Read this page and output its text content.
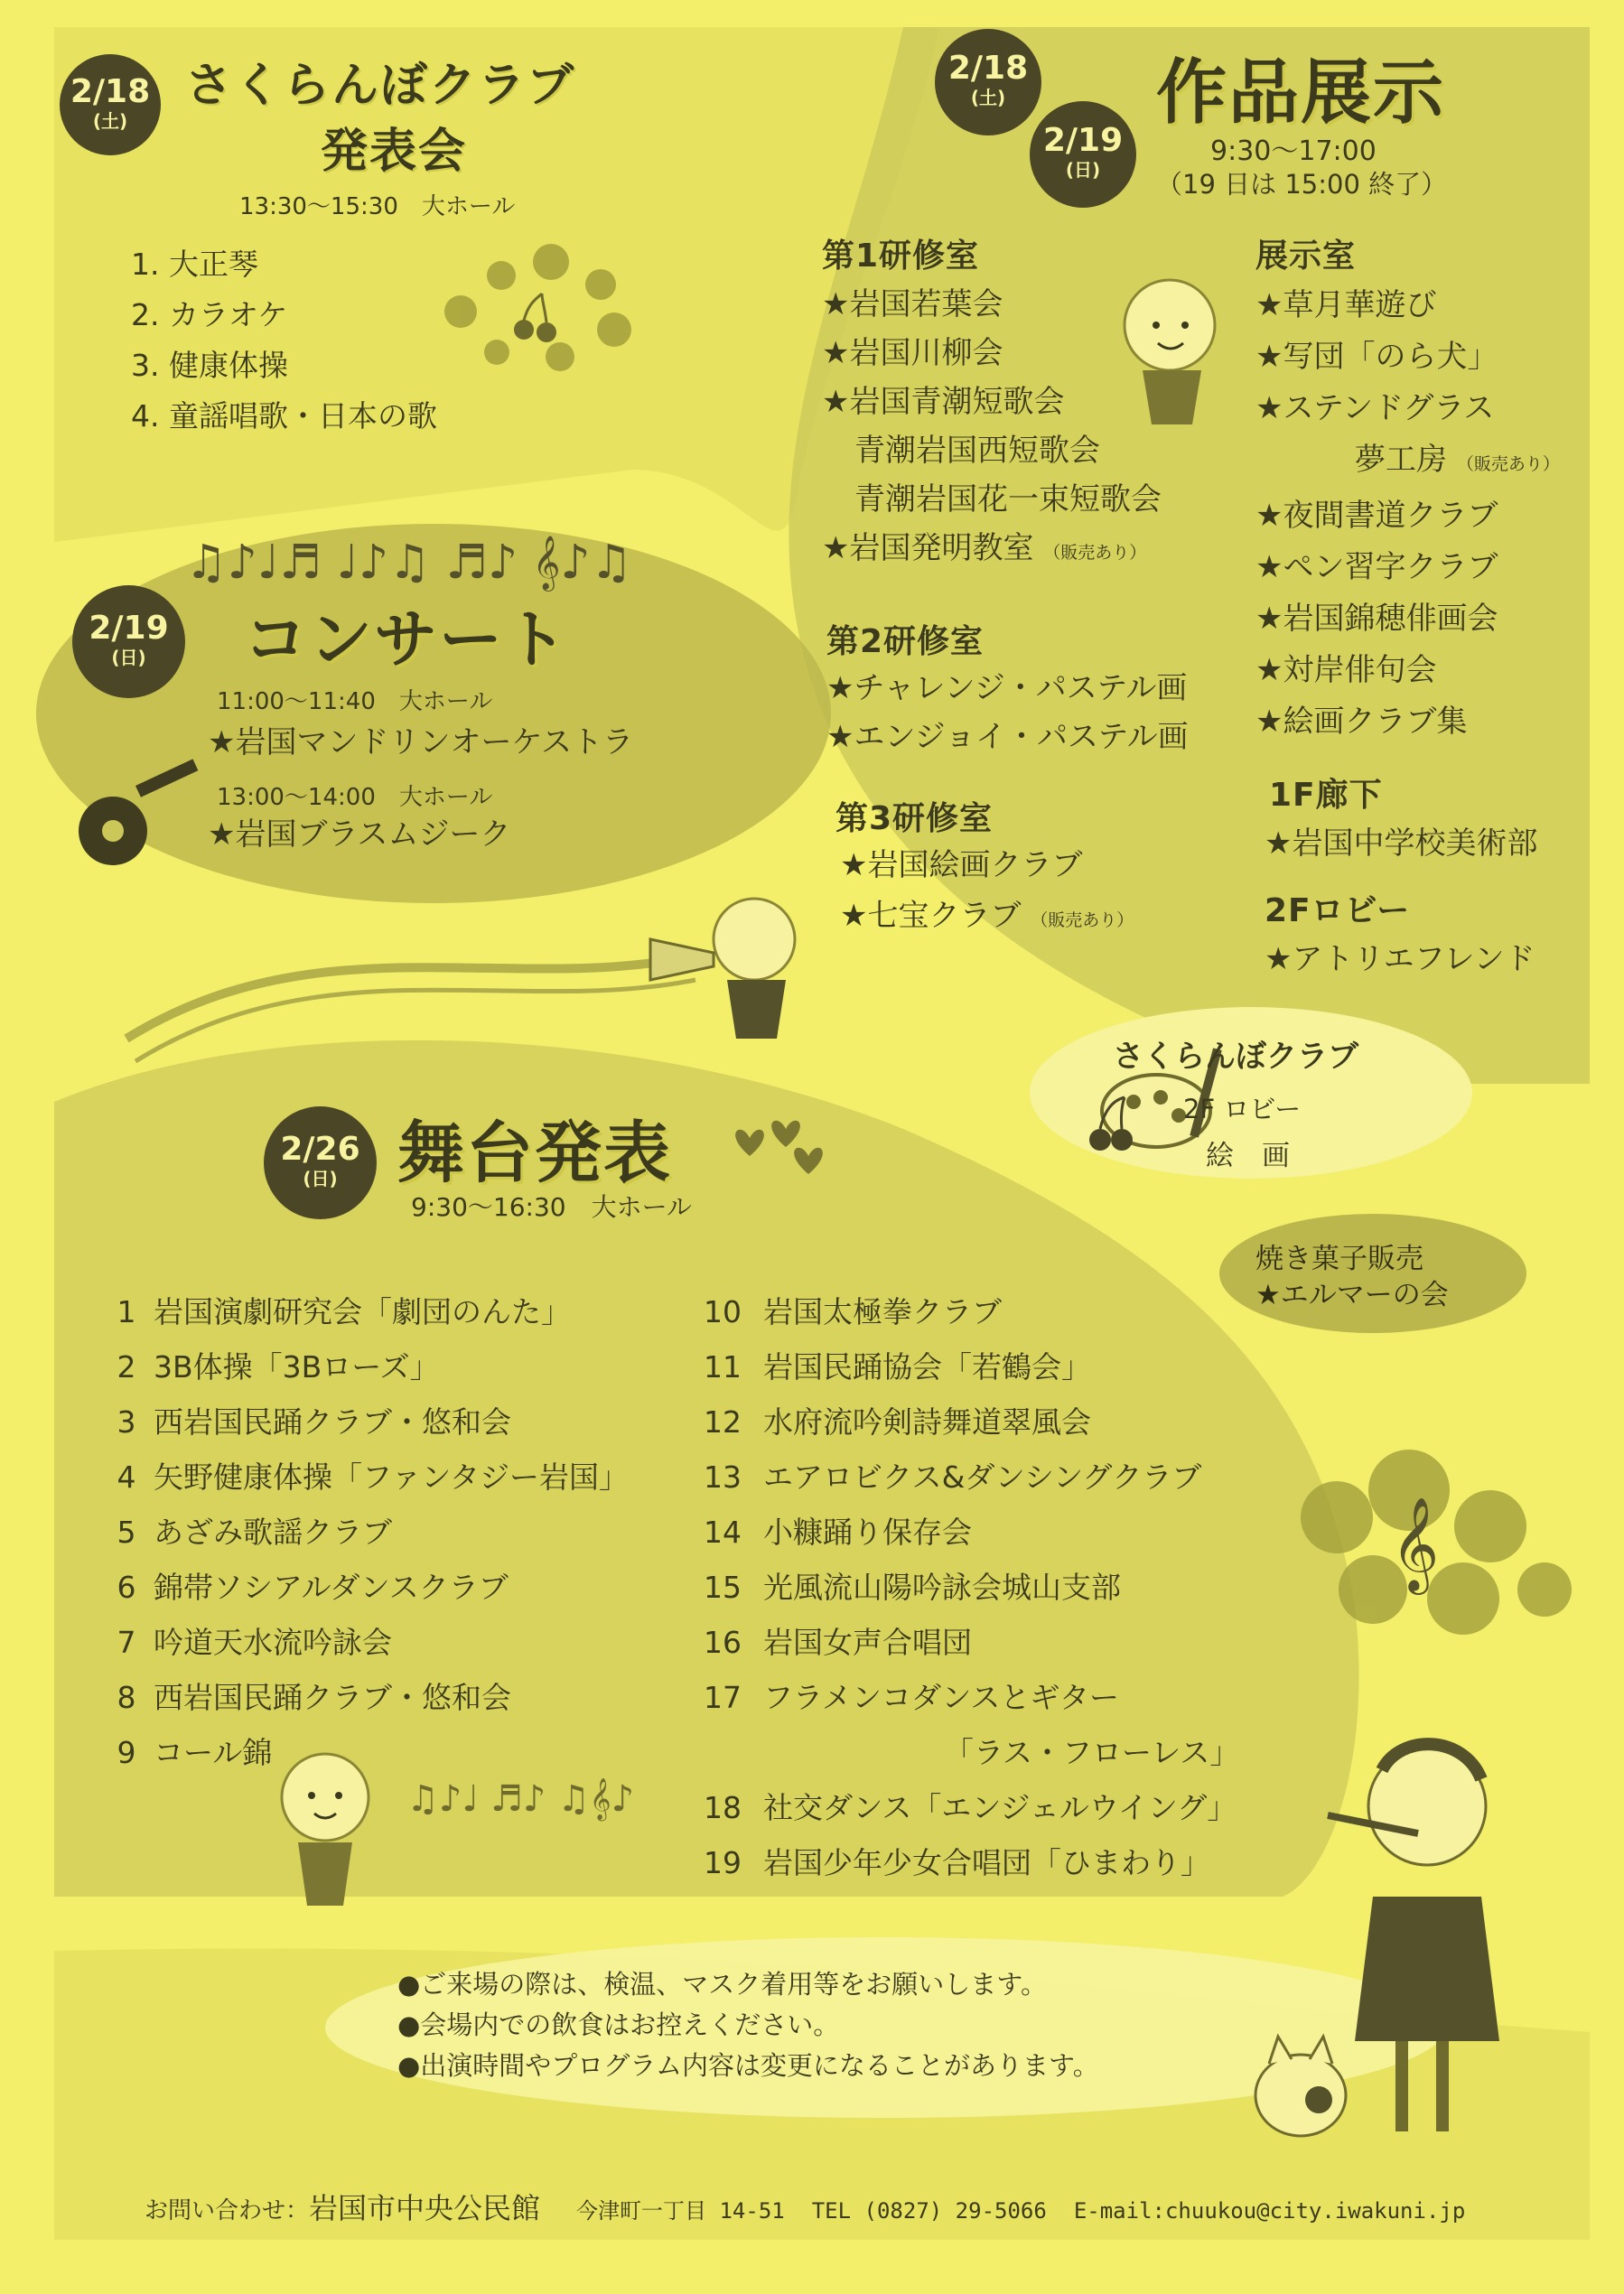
♫♪♩♬ ♩♪♫ ♬♪ 𝄞♪♫
𝄞
♫♪♩ ♬♪ ♫𝄞♪
2/18
(土)
さくらんぼクラブ
発表会
13:30～15:30　大ホール
1. 大正琴
2. カラオケ
3. 健康体操
4. 童謡唱歌・日本の歌
2/18
(土)
2/19
(日)
作品展示
9:30～17:00
（19 日は 15:00 終了）
第1研修室
★岩国若葉会
★岩国川柳会
★岩国青潮短歌会
青潮岩国西短歌会
青潮岩国花一束短歌会
★岩国発明教室 （販売あり）
第2研修室
★チャレンジ・パステル画
★エンジョイ・パステル画
第3研修室
★岩国絵画クラブ
★七宝クラブ （販売あり）
展示室
★草月華遊び
★写団「のら犬」
★ステンドグラス
夢工房 （販売あり）
★夜間書道クラブ
★ペン習字クラブ
★岩国錦穂俳画会
★対岸俳句会
★絵画クラブ集
1F廊下
★岩国中学校美術部
2Fロビー
★アトリエフレンド
2/19
(日)	コンサート
11:00～11:40　大ホール
★岩国マンドリンオーケストラ
13:00～14:00　大ホール
★岩国ブラスムジーク
さくらんぼクラブ
2F ロビー
絵　画
焼き菓子販売
★エルマーの会
2/26
(日) 舞台発表
9:30～16:30　大ホール
1 岩国演劇研究会「劇団のんた」
2 3B体操「3Bローズ」
3 西岩国民踊クラブ・悠和会
4 矢野健康体操「ファンタジー岩国」
5 あざみ歌謡クラブ
6 錦帯ソシアルダンスクラブ
7 吟道天水流吟詠会
8 西岩国民踊クラブ・悠和会
9 コール錦
10 岩国太極拳クラブ
11 岩国民踊協会「若鶴会」
12 水府流吟剣詩舞道翠風会
13 エアロビクス&ダンシングクラブ
14 小糠踊り保存会
15 光風流山陽吟詠会城山支部
16 岩国女声合唱団
17 フラメンコダンスとギター
「ラス・フローレス」
18 社交ダンス「エンジェルウイング」
19 岩国少年少女合唱団「ひまわり」
●ご来場の際は、検温、マスク着用等をお願いします。
●会場内での飲食はお控えください。
●出演時間やプログラム内容は変更になることがあります。
お問い合わせ： 岩国市中央公民館 今津町一丁目 14-51 TEL (0827) 29-5066 E-mail:chuukou@city.iwakuni.jp
